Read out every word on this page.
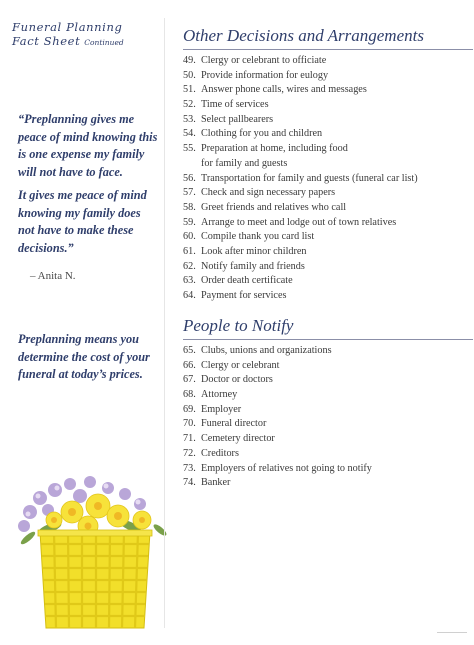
Funeral Planning
Fact Sheet Continued

“Preplanning gives me peace of mind knowing this is one expense my family will not have to face.

It gives me peace of mind knowing my family does not have to make these decisions.”

– Anita N.
Preplanning means you determine the cost of your funeral at today’s prices.
Other Decisions and Arrangements
49. Clergy or celebrant to officiate
50. Provide information for eulogy
51. Answer phone calls, wires and messages
52. Time of services
53. Select pallbearers
54. Clothing for you and children
55. Preparation at home, including food
for family and guests
56. Transportation for family and guests (funeral car list)
57. Check and sign necessary papers
58. Greet friends and relatives who call
59. Arrange to meet and lodge out of town relatives
60. Compile thank you card list
61. Look after minor children
62. Notify family and friends
63. Order death certificate
64. Payment for services
People to Notify
65. Clubs, unions and organizations
66. Clergy or celebrant
67. Doctor or doctors
68. Attorney
69. Employer
70. Funeral director
71. Cemetery director
72. Creditors
73. Employers of relatives not going to notify
74. Banker
